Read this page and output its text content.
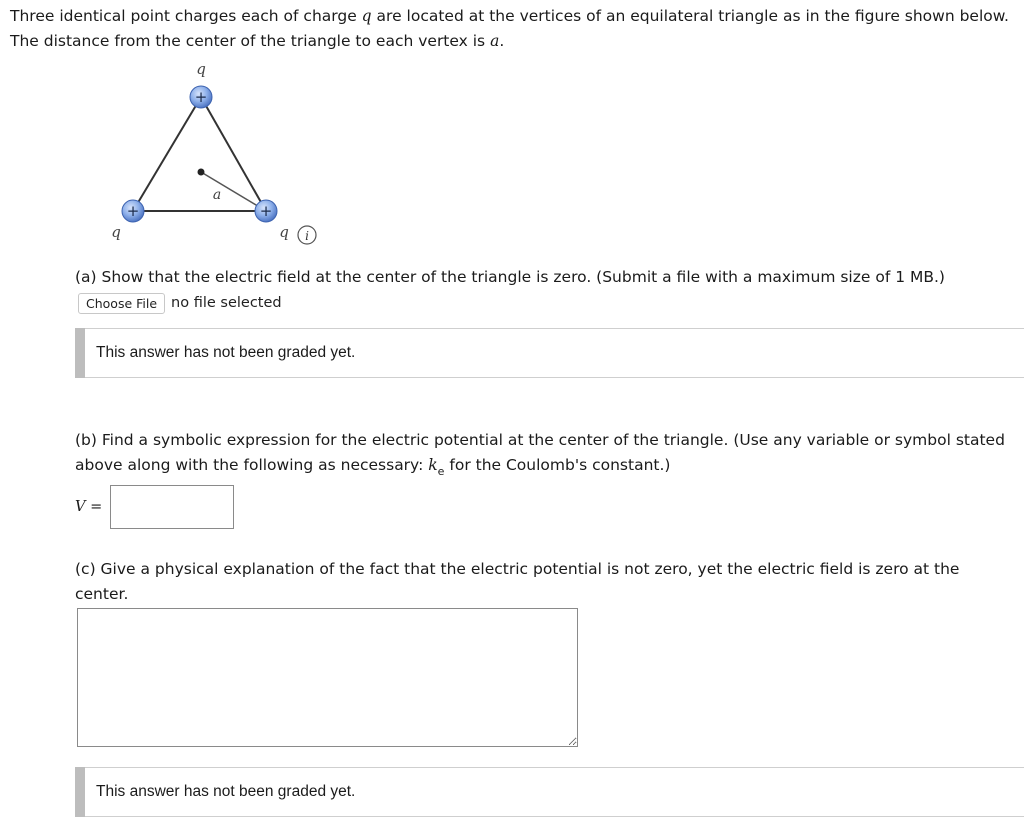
Three identical point charges each of charge q are located at the vertices of an equilateral triangle as in the figure shown below. The distance from the center of the triangle to each vertex is a.
+
+	+
q
q	q
a
i
(a) Show that the electric field at the center of the triangle is zero. (Submit a file with a maximum size of 1 MB.)
Choose File no file selected
This answer has not been graded yet.
(b) Find a symbolic expression for the electric potential at the center of the triangle. (Use any variable or symbol stated above along with the following as necessary: $k_e$ for the Coulomb's constant.)
V =
(c) Give a physical explanation of the fact that the electric potential is not zero, yet the electric field is zero at the center.
This answer has not been graded yet.
